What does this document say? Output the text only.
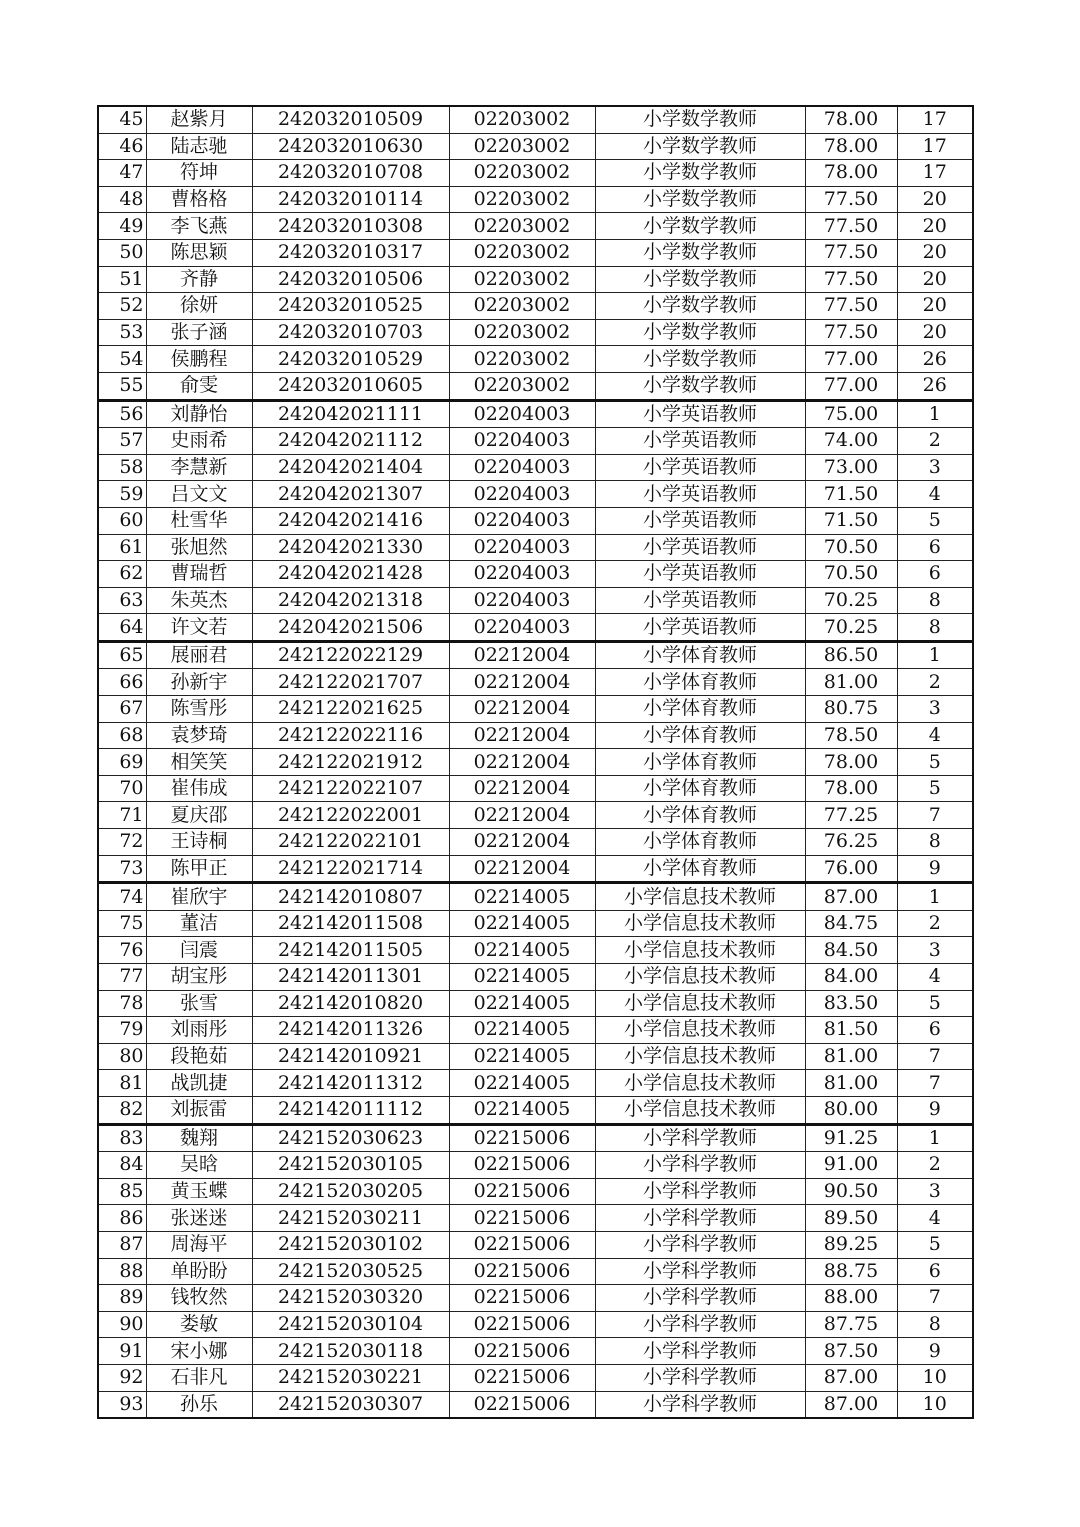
45	赵紫月	242032010509	02203002	小学数学教师	78.00	17
46	陆志驰	242032010630	02203002	小学数学教师	78.00	17
47	符坤	242032010708	02203002	小学数学教师	78.00	17
48	曹格格	242032010114	02203002	小学数学教师	77.50	20
49	李飞燕	242032010308	02203002	小学数学教师	77.50	20
50	陈思颖	242032010317	02203002	小学数学教师	77.50	20
51	齐静	242032010506	02203002	小学数学教师	77.50	20
52	徐妍	242032010525	02203002	小学数学教师	77.50	20
53	张子涵	242032010703	02203002	小学数学教师	77.50	20
54	侯鹏程	242032010529	02203002	小学数学教师	77.00	26
55	俞雯	242032010605	02203002	小学数学教师	77.00	26
56	刘静怡	242042021111	02204003	小学英语教师	75.00	1
57	史雨希	242042021112	02204003	小学英语教师	74.00	2
58	李慧新	242042021404	02204003	小学英语教师	73.00	3
59	吕文文	242042021307	02204003	小学英语教师	71.50	4
60	杜雪华	242042021416	02204003	小学英语教师	71.50	5
61	张旭然	242042021330	02204003	小学英语教师	70.50	6
62	曹瑞哲	242042021428	02204003	小学英语教师	70.50	6
63	朱英杰	242042021318	02204003	小学英语教师	70.25	8
64	许文若	242042021506	02204003	小学英语教师	70.25	8
65	展丽君	242122022129	02212004	小学体育教师	86.50	1
66	孙新宇	242122021707	02212004	小学体育教师	81.00	2
67	陈雪彤	242122021625	02212004	小学体育教师	80.75	3
68	袁梦琦	242122022116	02212004	小学体育教师	78.50	4
69	相笑笑	242122021912	02212004	小学体育教师	78.00	5
70	崔伟成	242122022107	02212004	小学体育教师	78.00	5
71	夏庆邵	242122022001	02212004	小学体育教师	77.25	7
72	王诗桐	242122022101	02212004	小学体育教师	76.25	8
73	陈甲正	242122021714	02212004	小学体育教师	76.00	9
74	崔欣宇	242142010807	02214005	小学信息技术教师	87.00	1
75	董洁	242142011508	02214005	小学信息技术教师	84.75	2
76	闫震	242142011505	02214005	小学信息技术教师	84.50	3
77	胡宝彤	242142011301	02214005	小学信息技术教师	84.00	4
78	张雪	242142010820	02214005	小学信息技术教师	83.50	5
79	刘雨彤	242142011326	02214005	小学信息技术教师	81.50	6
80	段艳茹	242142010921	02214005	小学信息技术教师	81.00	7
81	战凯捷	242142011312	02214005	小学信息技术教师	81.00	7
82	刘振雷	242142011112	02214005	小学信息技术教师	80.00	9
83	魏翔	242152030623	02215006	小学科学教师	91.25	1
84	吴晗	242152030105	02215006	小学科学教师	91.00	2
85	黄玉蝶	242152030205	02215006	小学科学教师	90.50	3
86	张迷迷	242152030211	02215006	小学科学教师	89.50	4
87	周海平	242152030102	02215006	小学科学教师	89.25	5
88	单盼盼	242152030525	02215006	小学科学教师	88.75	6
89	钱牧然	242152030320	02215006	小学科学教师	88.00	7
90	娄敏	242152030104	02215006	小学科学教师	87.75	8
91	宋小娜	242152030118	02215006	小学科学教师	87.50	9
92	石非凡	242152030221	02215006	小学科学教师	87.00	10
93	孙乐	242152030307	02215006	小学科学教师	87.00	10
